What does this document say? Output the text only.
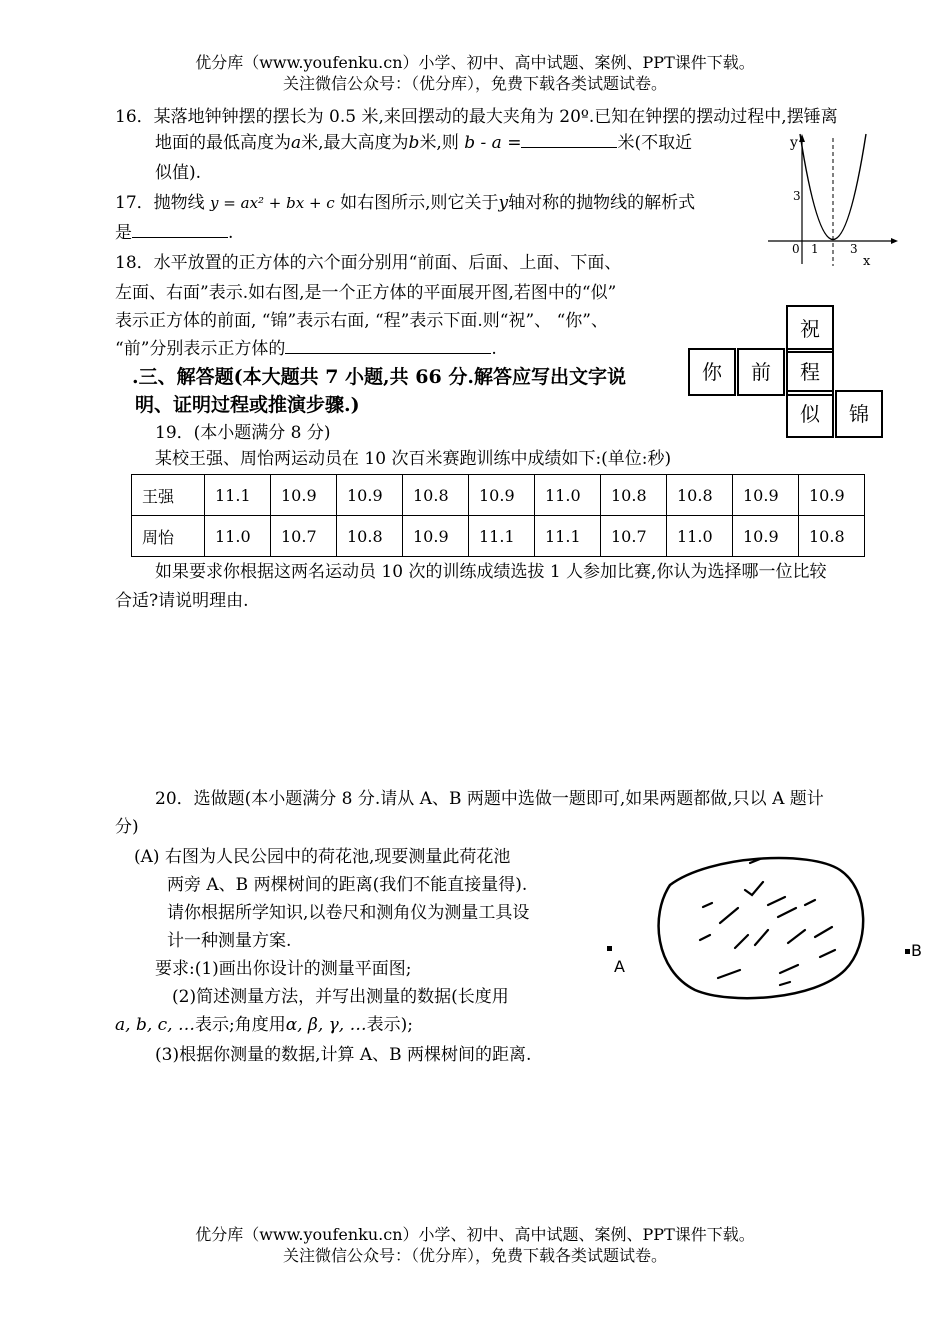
优分库（www.youfenku.cn）小学、初中、高中试题、案例、PPT课件下载。
关注微信公众号：（优分库），免费下载各类试题试卷。
16．某落地钟钟摆的摆长为 0.5 米,来回摆动的最大夹角为 20º.已知在钟摆的摆动过程中,摆锤离
地面的最低高度为a米,最大高度为b米,则 b - a =	米(不取近
似值).
17．抛物线 y = ax² + bx + c 如右图所示,则它关于y轴对称的抛物线的解析式
是	.
y
x
3
0 1	3
18．水平放置的正方体的六个面分别用“前面、后面、上面、下面、
左面、右面”表示.如右图,是一个正方体的平面展开图,若图中的“似”
表示正方体的前面, “锦”表示右面, “程”表示下面.则“祝”、 “你”、
“前”分别表示正方体的	.
祝
你	前	程
似	锦
.三、解答题(本大题共 7 小题,共 66 分.解答应写出文字说
明、证明过程或推演步骤.)
19．(本小题满分 8 分)
某校王强、周怡两运动员在 10 次百米赛跑训练中成绩如下:(单位:秒)
王强	11.1	10.9	10.9	10.8	10.9	11.0	10.8	10.8	10.9	10.9
周怡	11.0	10.7	10.8	10.9	11.1	11.1	10.7	11.0	10.9	10.8
如果要求你根据这两名运动员 10 次的训练成绩选拔 1 人参加比赛,你认为选择哪一位比较
合适?请说明理由.
20．选做题(本小题满分 8 分.请从 A、B 两题中选做一题即可,如果两题都做,只以 A 题计
分)
(A) 右图为人民公园中的荷花池,现要测量此荷花池
两旁 A、B 两棵树间的距离(我们不能直接量得).
请你根据所学知识,以卷尺和测角仪为测量工具设
计一种测量方案.
要求:(1)画出你设计的测量平面图;
(2)简述测量方法，并写出测量的数据(长度用
a, b, c, …表示;角度用α, β, γ, …表示);
(3)根据你测量的数据,计算 A、B 两棵树间的距离.
A
B
优分库（www.youfenku.cn）小学、初中、高中试题、案例、PPT课件下载。
关注微信公众号：（优分库），免费下载各类试题试卷。
